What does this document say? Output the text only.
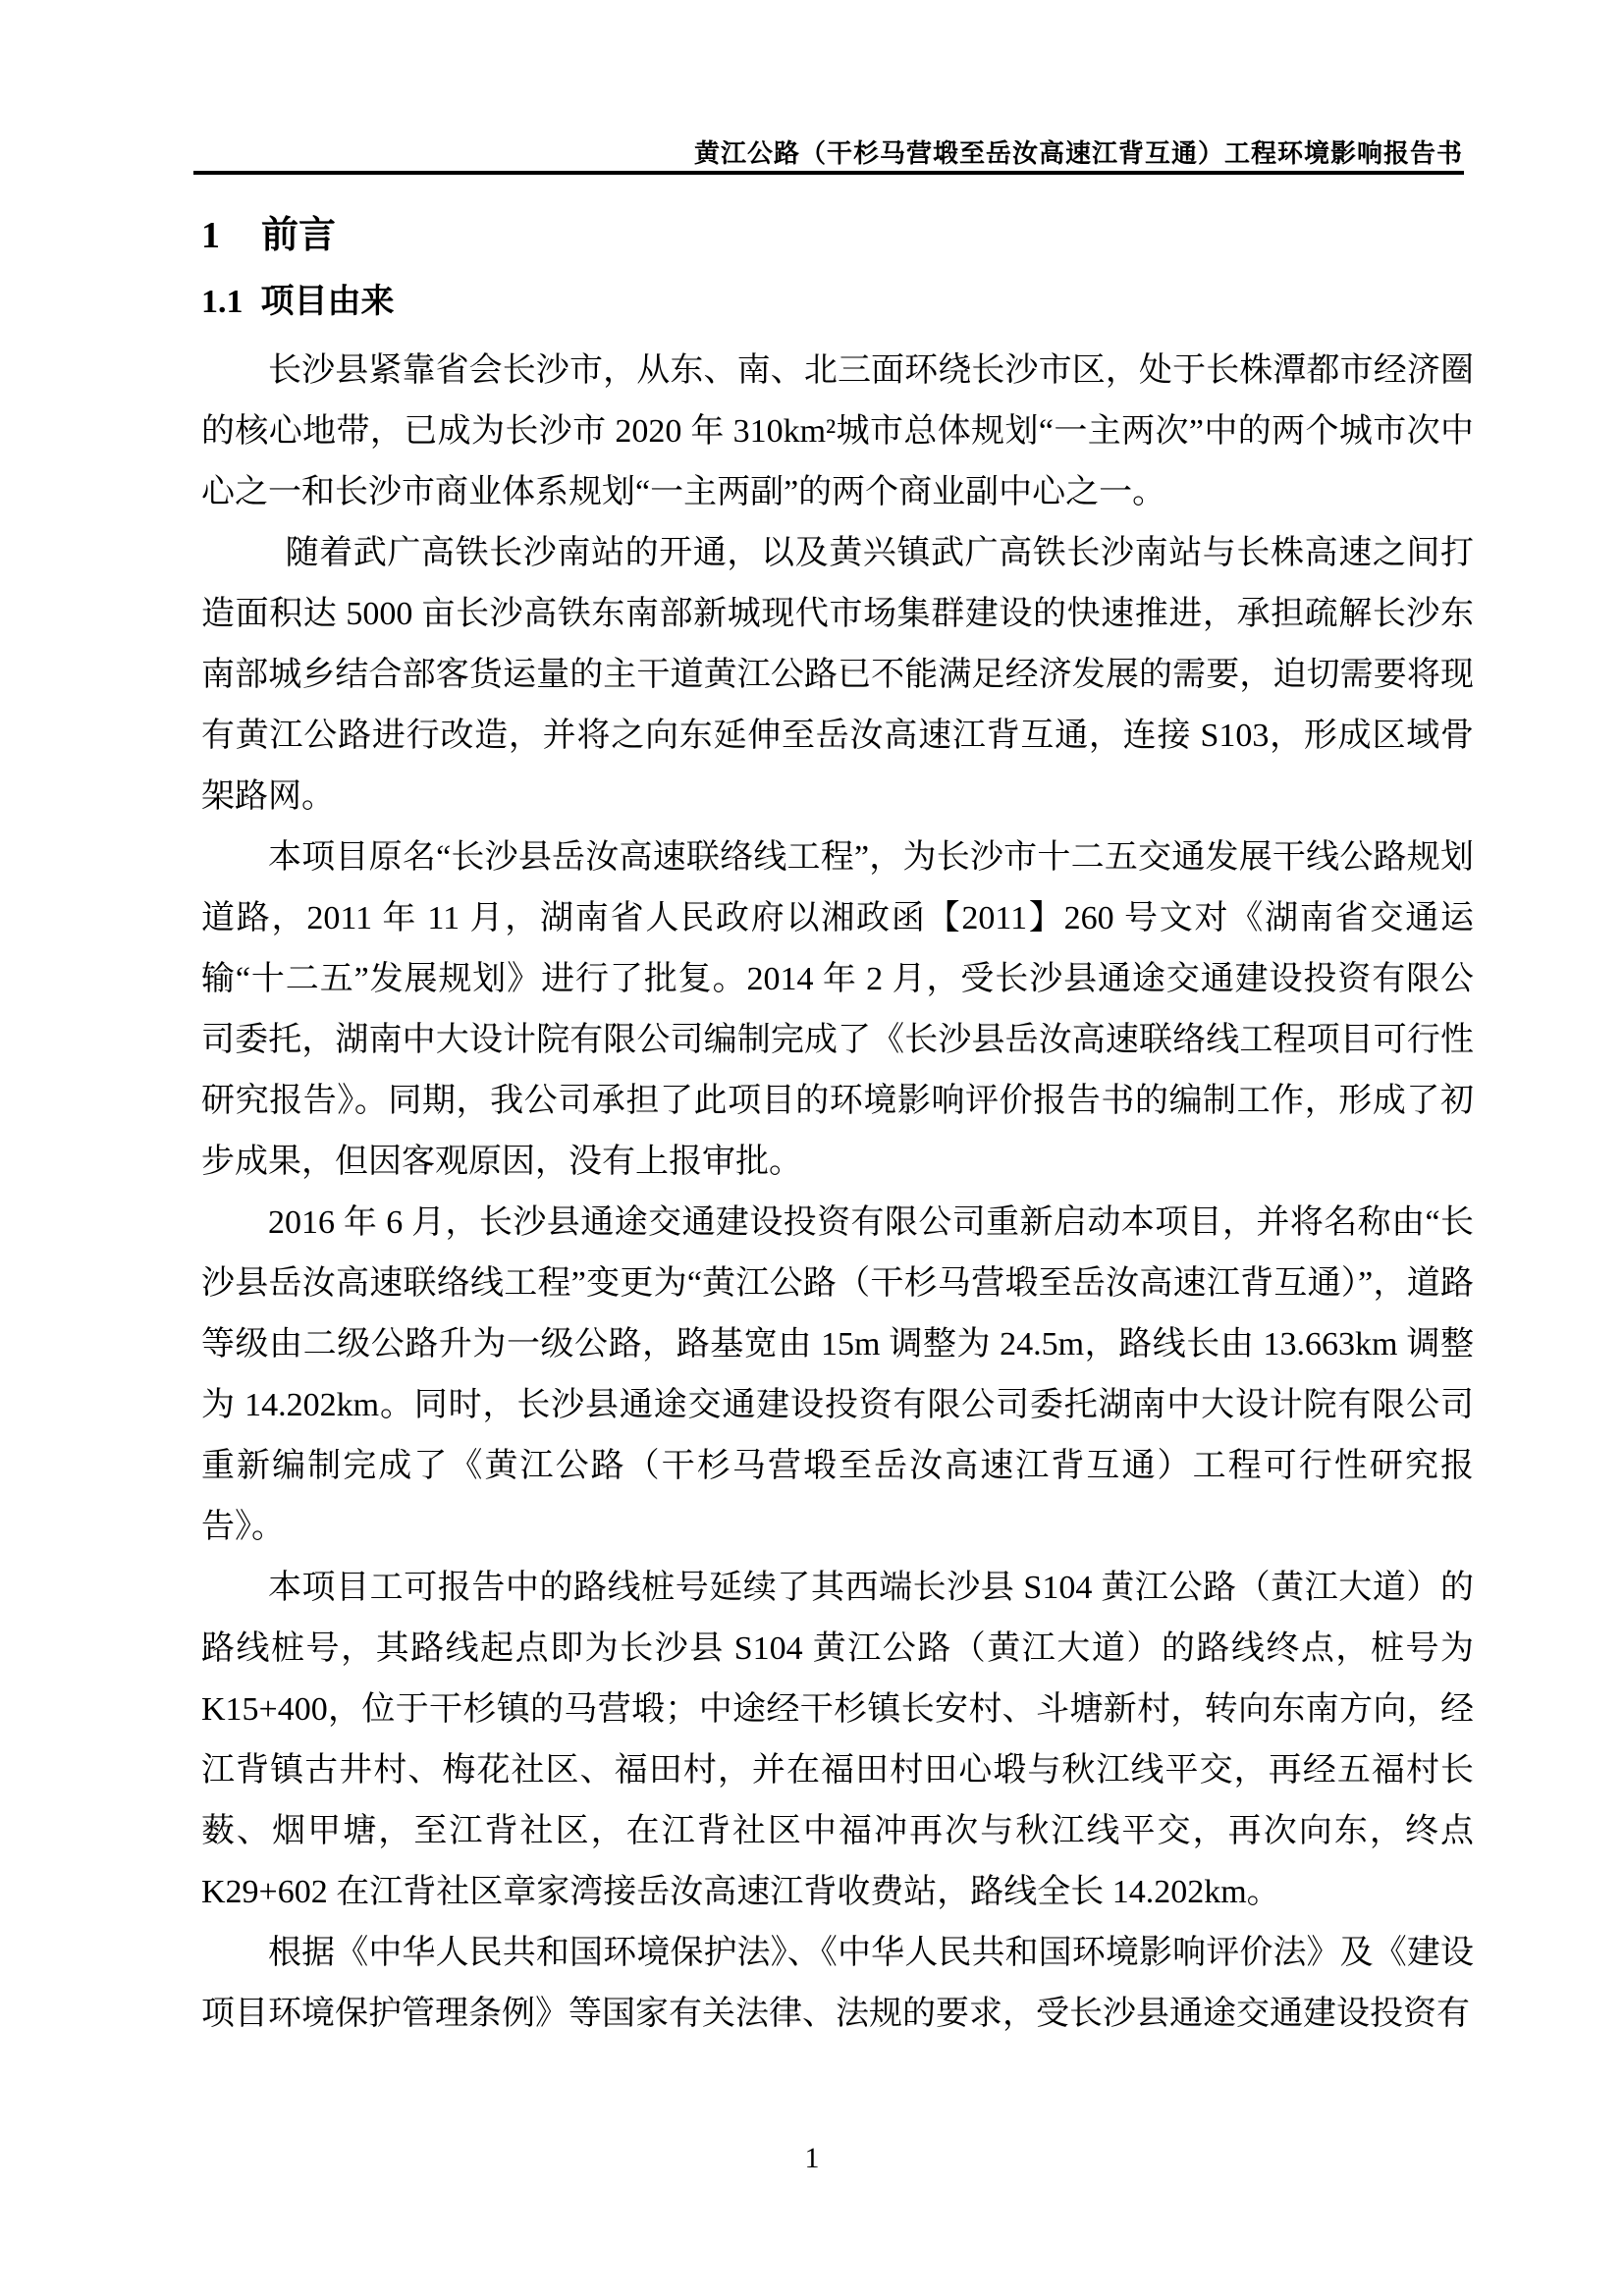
黄江公路（干杉马营塅至岳汝高速江背互通）工程环境影响报告书
1 前言
1.1 项目由来

长沙县紧靠省会长沙市，从东、南、北三面环绕长沙市区，处于长株潭都市经济圈的核心地带，已成为长沙市 2020 年 310km²城市总体规划“一主两次”中的两个城市次中心之一和长沙市商业体系规划“一主两副”的两个商业副中心之一。

 随着武广高铁长沙南站的开通，以及黄兴镇武广高铁长沙南站与长株高速之间打造面积达 5000 亩长沙高铁东南部新城现代市场集群建设的快速推进，承担疏解长沙东南部城乡结合部客货运量的主干道黄江公路已不能满足经济发展的需要，迫切需要将现有黄江公路进行改造，并将之向东延伸至岳汝高速江背互通，连接 S103，形成区域骨架路网。

本项目原名“长沙县岳汝高速联络线工程”，为长沙市十二五交通发展干线公路规划道路，2011 年 11 月，湖南省人民政府以湘政函【2011】260 号文对《湖南省交通运输“十二五”发展规划》进行了批复。2014 年 2 月，受长沙县通途交通建设投资有限公司委托，湖南中大设计院有限公司编制完成了《长沙县岳汝高速联络线工程项目可行性研究报告》。同期，我公司承担了此项目的环境影响评价报告书的编制工作，形成了初步成果，但因客观原因，没有上报审批。

2016 年 6 月，长沙县通途交通建设投资有限公司重新启动本项目，并将名称由“长沙县岳汝高速联络线工程”变更为“黄江公路（干杉马营塅至岳汝高速江背互通）”，道路等级由二级公路升为一级公路，路基宽由 15m 调整为 24.5m，路线长由 13.663km 调整为 14.202km。同时，长沙县通途交通建设投资有限公司委托湖南中大设计院有限公司重新编制完成了《黄江公路（干杉马营塅至岳汝高速江背互通）工程可行性研究报告》。

本项目工可报告中的路线桩号延续了其西端长沙县 S104 黄江公路（黄江大道）的路线桩号，其路线起点即为长沙县 S104 黄江公路（黄江大道）的路线终点，桩号为 K15+400，位于干杉镇的马营塅；中途经干杉镇长安村、斗塘新村，转向东南方向，经江背镇古井村、梅花社区、福田村，并在福田村田心塅与秋江线平交，再经五福村长薮、烟甲塘，至江背社区，在江背社区中福冲再次与秋江线平交，再次向东，终点 K29+602 在江背社区章家湾接岳汝高速江背收费站，路线全长 14.202km。

根据《中华人民共和国环境保护法》、《中华人民共和国环境影响评价法》及《建设项目环境保护管理条例》等国家有关法律、法规的要求，受长沙县通途交通建设投资有

1
